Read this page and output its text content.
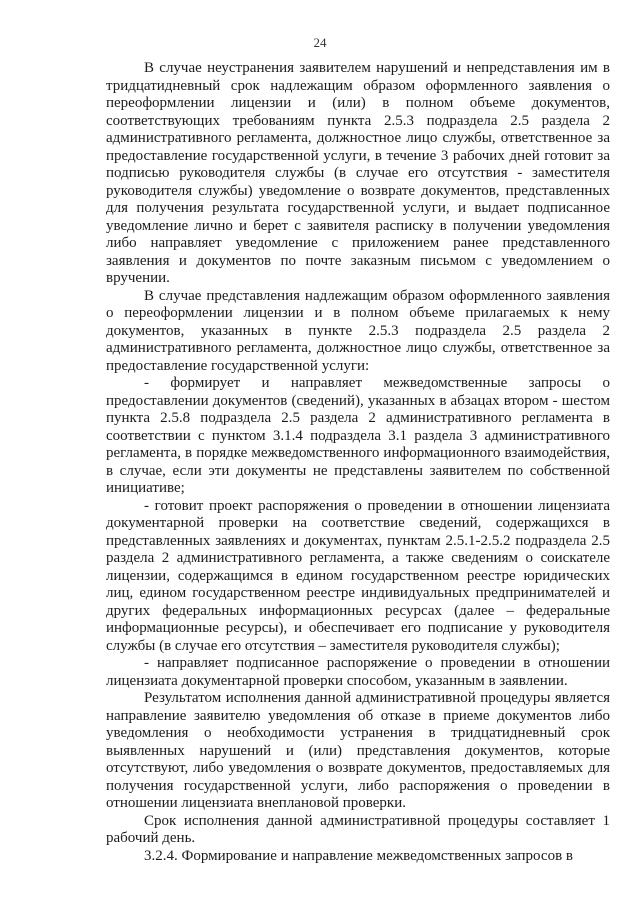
24

В случае неустранения заявителем нарушений и непредставления им в тридцатидневный срок надлежащим образом оформленного заявления о переоформлении лицензии и (или) в полном объеме документов, соответствующих требованиям пункта 2.5.3 подраздела 2.5 раздела 2 административного регламента, должностное лицо службы, ответственное за предоставление государственной услуги, в течение 3 рабочих дней готовит за подписью руководителя службы (в случае его отсутствия - заместителя руководителя службы) уведомление о возврате документов, представленных для получения результата государственной услуги, и выдает подписанное уведомление лично и берет с заявителя расписку в получении уведомления либо направляет уведомление с приложением ранее представленного заявления и документов по почте заказным письмом с уведомлением о вручении.

В случае представления надлежащим образом оформленного заявления о переоформлении лицензии и в полном объеме прилагаемых к нему документов, указанных в пункте 2.5.3 подраздела 2.5 раздела 2 административного регламента, должностное лицо службы, ответственное за предоставление государственной услуги:

- формирует и направляет межведомственные запросы о предоставлении документов (сведений), указанных в абзацах втором - шестом пункта 2.5.8 подраздела 2.5 раздела 2 административного регламента в соответствии с пунктом 3.1.4 подраздела 3.1 раздела 3 административного регламента, в порядке межведомственного информационного взаимодействия, в случае, если эти документы не представлены заявителем по собственной инициативе;

- готовит проект распоряжения о проведении в отношении лицензиата документарной проверки на соответствие сведений, содержащихся в представленных заявлениях и документах, пунктам 2.5.1-2.5.2 подраздела 2.5 раздела 2 административного регламента, а также сведениям о соискателе лицензии, содержащимся в едином государственном реестре юридических лиц, едином государственном реестре индивидуальных предпринимателей и других федеральных информационных ресурсах (далее – федеральные информационные ресурсы), и обеспечивает его подписание у руководителя службы (в случае его отсутствия – заместителя руководителя службы);

- направляет подписанное распоряжение о проведении в отношении лицензиата документарной проверки способом, указанным в заявлении.

Результатом исполнения данной административной процедуры является направление заявителю уведомления об отказе в приеме документов либо уведомления о необходимости устранения в тридцатидневный срок выявленных нарушений и (или) представления документов, которые отсутствуют, либо уведомления о возврате документов, предоставляемых для получения государственной услуги, либо распоряжения о проведении в отношении лицензиата внеплановой проверки.

Срок исполнения данной административной процедуры составляет 1 рабочий день.

3.2.4. Формирование и направление межведомственных запросов в
